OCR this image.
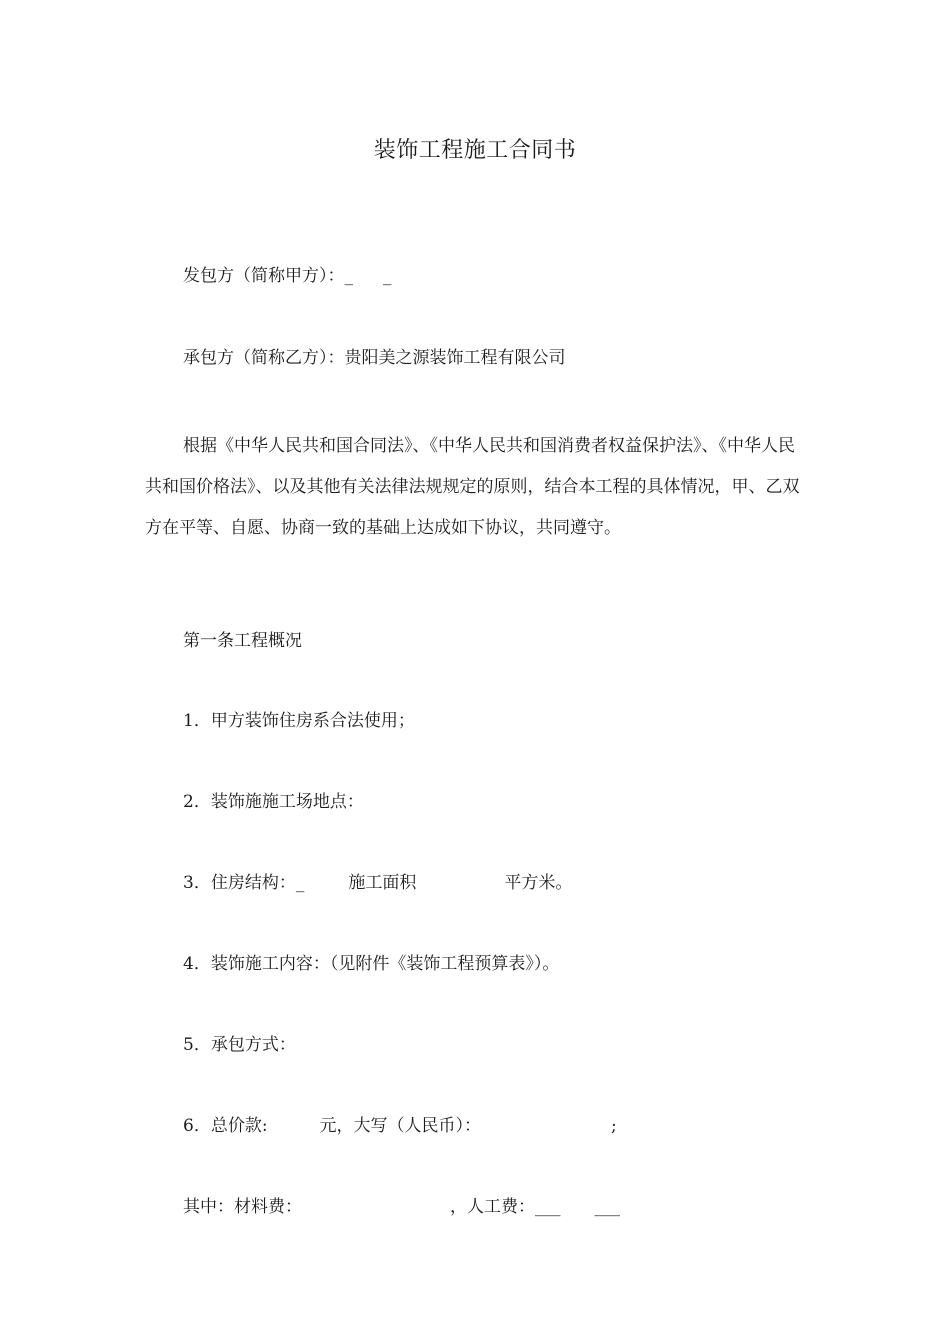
装饰工程施工合同书
发包方（简称甲方）：_ _
承包方（简称乙方）：贵阳美之源装饰工程有限公司
根据《中华人民共和国合同法》、《中华人民共和国消费者权益保护法》、《中华人民共和国价格法》、以及其他有关法律法规规定的原则，结合本工程的具体情况，甲、乙双方在平等、自愿、协商一致的基础上达成如下协议，共同遵守。
第一条工程概况
1．甲方装饰住房系合法使用；
2．装饰施施工场地点：
3．住房结构：_	施工面积	平方米。
4．装饰施工内容：（见附件《装饰工程预算表》）。
5．承包方式：
6．总价款:	元，大写（人民币）：	;
其中：材料费：	，人工费：___ ___
